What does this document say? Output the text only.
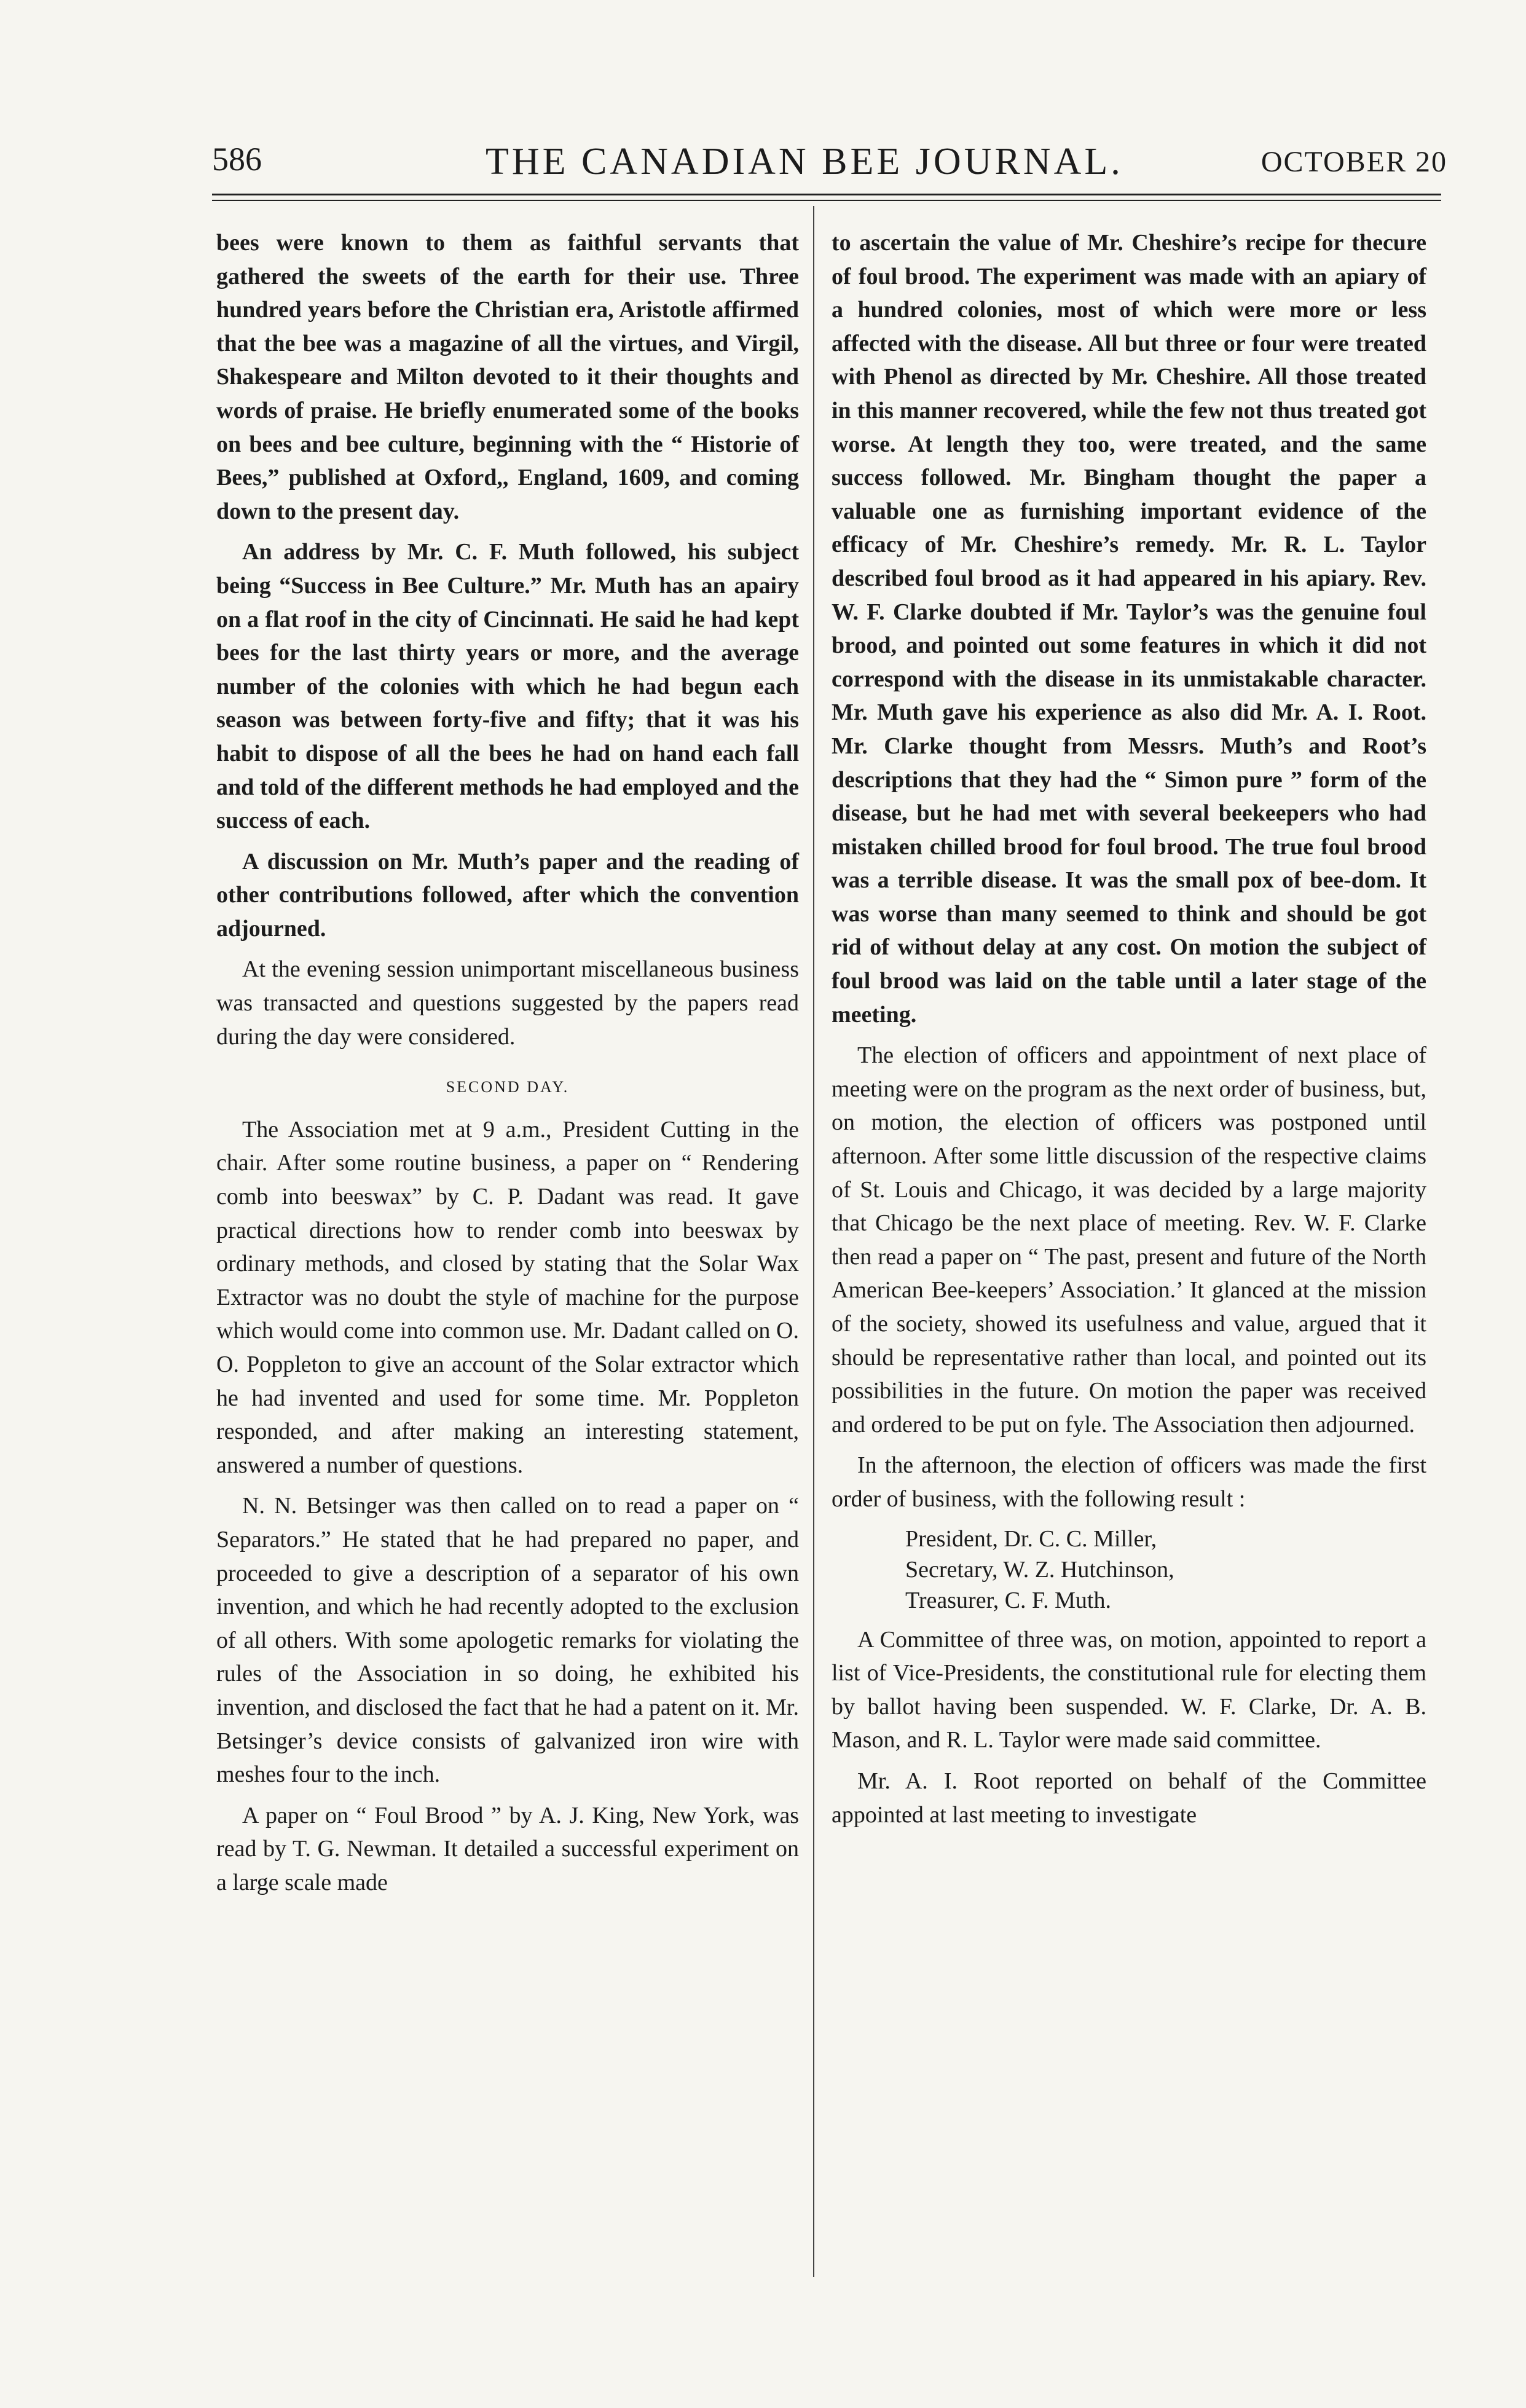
586	THE CANADIAN BEE JOURNAL.	OCTOBER 20

bees were known to them as faithful servants that gathered the sweets of the earth for their use. Three hundred years before the Christian era, Aristotle affirmed that the bee was a magazine of all the virtues, and Virgil, Shakespeare and Milton devoted to it their thoughts and words of praise. He briefly enumerated some of the books on bees and bee culture, beginning with the “ Historie of Bees,” published at Oxford,, England, 1609, and coming down to the present day.

An address by Mr. C. F. Muth followed, his subject being “Success in Bee Culture.” Mr. Muth has an apairy on a flat roof in the city of Cincinnati. He said he had kept bees for the last thirty years or more, and the average number of the colonies with which he had begun each season was between forty-five and fifty; that it was his habit to dispose of all the bees he had on hand each fall and told of the different methods he had employed and the success of each.

A discussion on Mr. Muth’s paper and the reading of other contributions followed, after which the convention adjourned.

At the evening session unimportant miscellaneous business was transacted and questions suggested by the papers read during the day were considered.

SECOND DAY.

The Association met at 9 a.m., President Cutting in the chair. After some routine business, a paper on “ Rendering comb into beeswax” by C. P. Dadant was read. It gave practical directions how to render comb into beeswax by ordinary methods, and closed by stating that the Solar Wax Extractor was no doubt the style of machine for the purpose which would come into common use. Mr. Dadant called on O. O. Poppleton to give an account of the Solar extractor which he had invented and used for some time. Mr. Poppleton responded, and after making an interesting statement, answered a number of questions.

N. N. Betsinger was then called on to read a paper on “ Separators.” He stated that he had prepared no paper, and proceeded to give a description of a separator of his own invention, and which he had recently adopted to the exclusion of all others. With some apologetic remarks for violating the rules of the Association in so doing, he exhibited his invention, and disclosed the fact that he had a patent on it. Mr. Betsinger’s device consists of galvanized iron wire with meshes four to the inch.

A paper on “ Foul Brood ” by A. J. King, New York, was read by T. G. Newman. It detailed a successful experiment on a large scale made

to ascertain the value of Mr. Cheshire’s recipe for thecure of foul brood. The experiment was made with an apiary of a hundred colonies, most of which were more or less affected with the disease. All but three or four were treated with Phenol as directed by Mr. Cheshire. All those treated in this manner recovered, while the few not thus treated got worse. At length they too, were treated, and the same success followed. Mr. Bingham thought the paper a valuable one as furnishing important evidence of the efficacy of Mr. Cheshire’s remedy. Mr. R. L. Taylor described foul brood as it had appeared in his apiary. Rev. W. F. Clarke doubted if Mr. Taylor’s was the genuine foul brood, and pointed out some features in which it did not correspond with the disease in its unmistakable character. Mr. Muth gave his experience as also did Mr. A. I. Root. Mr. Clarke thought from Messrs. Muth’s and Root’s descriptions that they had the “ Simon pure ” form of the disease, but he had met with several beekeepers who had mistaken chilled brood for foul brood. The true foul brood was a terrible disease. It was the small pox of bee-dom. It was worse than many seemed to think and should be got rid of without delay at any cost. On motion the subject of foul brood was laid on the table until a later stage of the meeting.

The election of officers and appointment of next place of meeting were on the program as the next order of business, but, on motion, the election of officers was postponed until afternoon. After some little discussion of the respective claims of St. Louis and Chicago, it was decided by a large majority that Chicago be the next place of meeting. Rev. W. F. Clarke then read a paper on “ The past, present and future of the North American Bee-keepers’ Association.’ It glanced at the mission of the society, showed its usefulness and value, argued that it should be representative rather than local, and pointed out its possibilities in the future. On motion the paper was received and ordered to be put on fyle. The Association then adjourned.

In the afternoon, the election of officers was made the first order of business, with the following result :

President, Dr. C. C. Miller,
Secretary, W. Z. Hutchinson,
Treasurer, C. F. Muth.

A Committee of three was, on motion, appointed to report a list of Vice-Presidents, the constitutional rule for electing them by ballot having been suspended. W. F. Clarke, Dr. A. B. Mason, and R. L. Taylor were made said committee.

Mr. A. I. Root reported on behalf of the Committee appointed at last meeting to investigate
